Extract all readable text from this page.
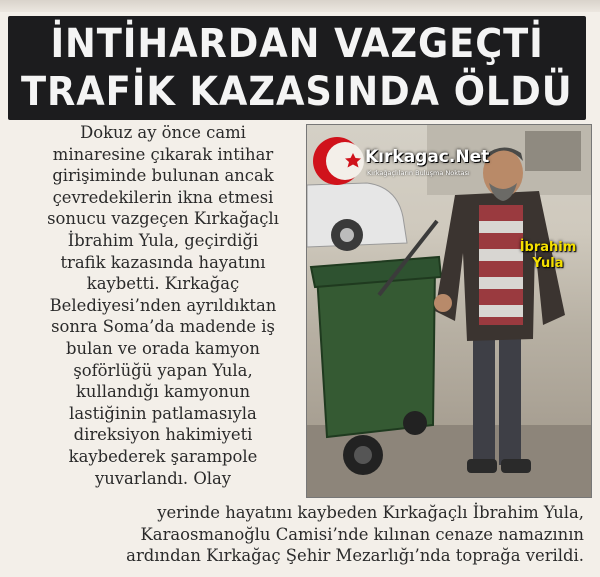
İNTİHARDAN VAZGEÇTİ
TRAFİK KAZASINDA ÖLDÜ
Dokuz ay önce cami
minaresine çıkarak intihar
girişiminde bulunan ancak
çevredekilerin ikna etmesi
sonucu vazgeçen Kırkağaçlı
İbrahim Yula, geçirdiği
trafik kazasında hayatını
kaybetti. Kırkağaç
Belediyesi’nden ayrıldıktan
sonra Soma’da madende iş
bulan ve orada kamyon
şoförlüğü yapan Yula,
kullandığı kamyonun
lastiğinin patlamasıyla
direksiyon hakimiyeti
kaybederek şarampole
yuvarlandı. Olay
yerinde hayatını kaybeden Kırkağaçlı İbrahim Yula,
Karaosmanoğlu Camisi’nde kılınan cenaze namazının
ardından Kırkağaç Şehir Mezarlığı’nda toprağa verildi.
Kırkagac.Net
Kırkağaçlıların Buluşma Noktası
İbrahim
Yula
